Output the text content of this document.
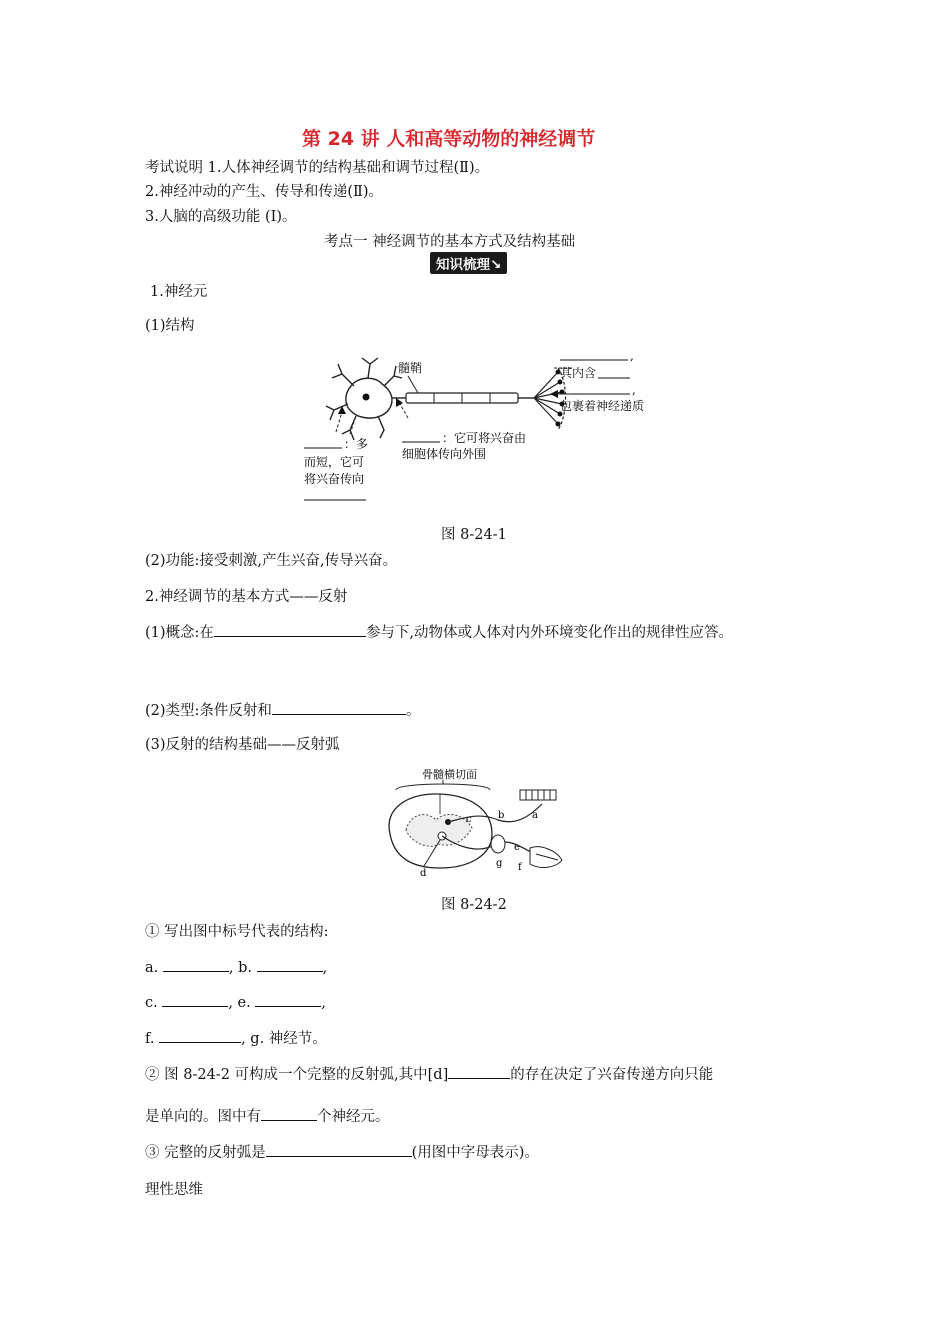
第 24 讲 人和高等动物的神经调节
考试说明 1.人体神经调节的结构基础和调节过程(Ⅱ)。
2.神经冲动的产生、传导和传递(Ⅱ)。
3.人脑的高级功能 (Ⅰ)。
考点一 神经调节的基本方式及结构基础
知识梳理↘
1.神经元
(1)结构
髓鞘
,
其内含
,
包裹着神经递质
：多
而短，它可
将兴奋传向
：它可将兴奋由
细胞体传向外围
图 8-24-1
(2)功能:接受刺激,产生兴奋,传导兴奋。
2.神经调节的基本方式——反射
(1)概念:在	参与下,动物体或人体对内外环境变化作出的规律性应答。
(2)类型:条件反射和	。
(3)反射的结构基础——反射弧
骨髓横切面
a
b
c
d
e
f
g
图 8-24-2
① 写出图中标号代表的结构:
a.	, b.	,
c.	, e.	,
f.	, g. 神经节。
② 图 8-24-2 可构成一个完整的反射弧,其中[d]	的存在决定了兴奋传递方向只能
是单向的。图中有	个神经元。
③ 完整的反射弧是	(用图中字母表示)。
理性思维
